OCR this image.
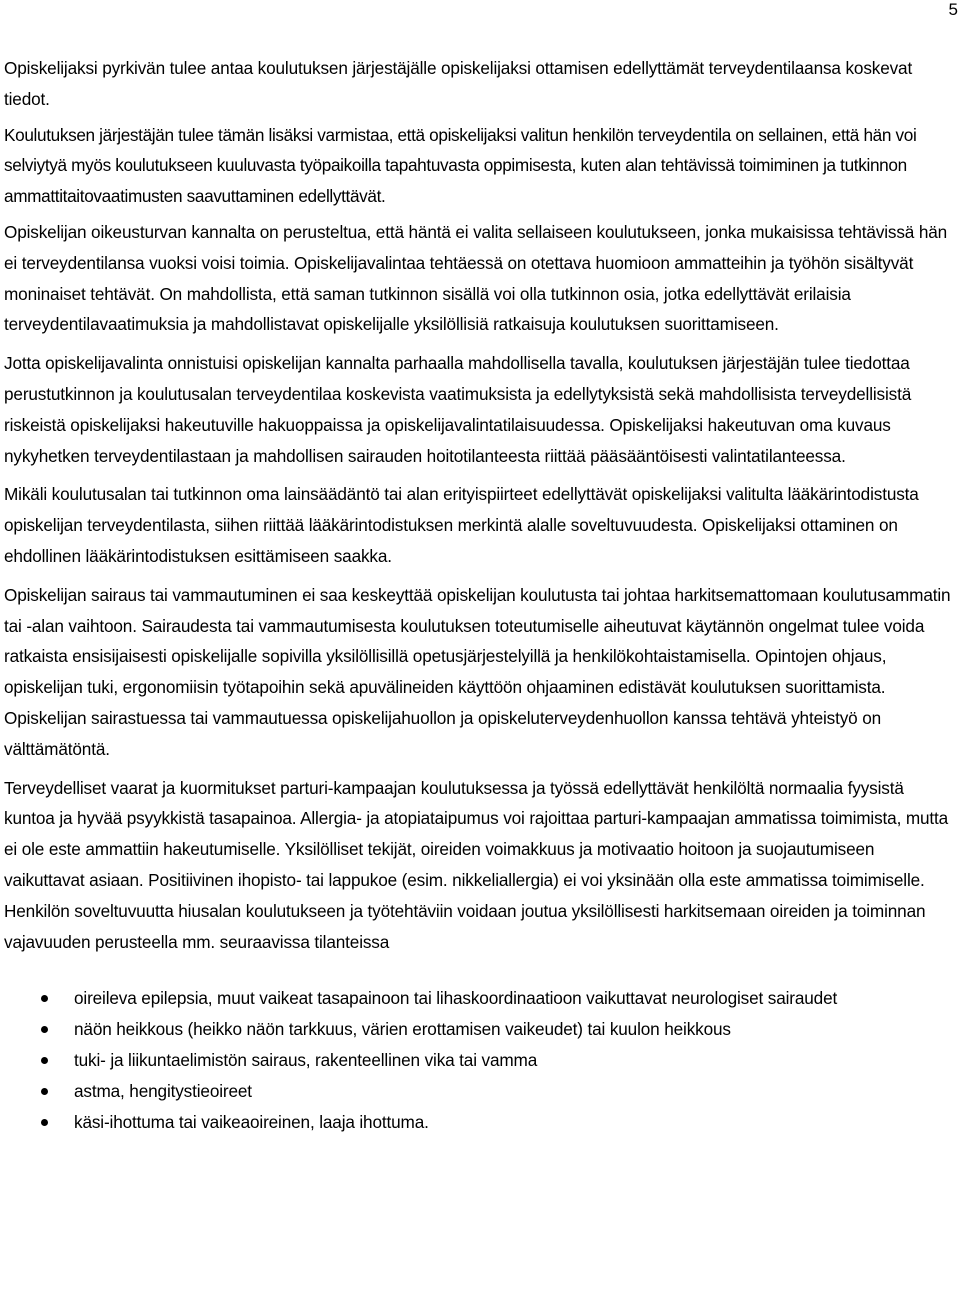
5

Opiskelijaksi pyrkivän tulee antaa koulutuksen järjestäjälle opiskelijaksi ottamisen edellyttämät terveydentilaansa koskevat tiedot.

Koulutuksen järjestäjän tulee tämän lisäksi varmistaa, että opiskelijaksi valitun henkilön terveydentila on sellainen, että hän voi selviytyä myös koulutukseen kuuluvasta työpaikoilla tapahtuvasta oppimisesta, kuten alan tehtävissä toimiminen ja tutkinnon ammattitaitovaatimusten saavuttaminen edellyttävät.

Opiskelijan oikeusturvan kannalta on perusteltua, että häntä ei valita sellaiseen koulutukseen, jonka mukaisissa tehtävissä hän ei terveydentilansa vuoksi voisi toimia. Opiskelijavalintaa tehtäessä on otettava huomioon ammatteihin ja työhön sisältyvät moninaiset tehtävät. On mahdollista, että saman tutkinnon sisällä voi olla tutkinnon osia, jotka edellyttävät erilaisia terveydentilavaatimuksia ja mahdollistavat opiskelijalle yksilöllisiä ratkaisuja koulutuksen suorittamiseen.

Jotta opiskelijavalinta onnistuisi opiskelijan kannalta parhaalla mahdollisella tavalla, koulutuksen järjestäjän tulee tiedottaa perustutkinnon ja koulutusalan terveydentilaa koskevista vaatimuksista ja edellytyksistä sekä mahdollisista terveydellisistä riskeistä opiskelijaksi hakeutuville hakuoppaissa ja opiskelijavalintatilaisuudessa. Opiskelijaksi hakeutuvan oma kuvaus nykyhetken terveydentilastaan ja mahdollisen sairauden hoitotilanteesta riittää pääsääntöisesti valintatilanteessa.

Mikäli koulutusalan tai tutkinnon oma lainsäädäntö tai alan erityispiirteet edellyttävät opiskelijaksi valitulta lääkärintodistusta opiskelijan terveydentilasta, siihen riittää lääkärintodistuksen merkintä alalle soveltuvuudesta. Opiskelijaksi ottaminen on ehdollinen lääkärintodistuksen esittämiseen saakka.

Opiskelijan sairaus tai vammautuminen ei saa keskeyttää opiskelijan koulutusta tai johtaa harkitsemattomaan koulutusammatin tai -alan vaihtoon. Sairaudesta tai vammautumisesta koulutuksen toteutumiselle aiheutuvat käytännön ongelmat tulee voida ratkaista ensisijaisesti opiskelijalle sopivilla yksilöllisillä opetusjärjestelyillä ja henkilökohtaistamisella. Opintojen ohjaus, opiskelijan tuki, ergonomiisin työtapoihin sekä apuvälineiden käyttöön ohjaaminen edistävät koulutuksen suorittamista. Opiskelijan sairastuessa tai vammautuessa opiskelijahuollon ja opiskeluterveydenhuollon kanssa tehtävä yhteistyö on välttämätöntä.

Terveydelliset vaarat ja kuormitukset parturi-kampaajan koulutuksessa ja työssä edellyttävät henkilöltä normaalia fyysistä kuntoa ja hyvää psyykkistä tasapainoa. Allergia- ja atopiataipumus voi rajoittaa parturi-kampaajan ammatissa toimimista, mutta ei ole este ammattiin hakeutumiselle. Yksilölliset tekijät, oireiden voimakkuus ja motivaatio hoitoon ja suojautumiseen vaikuttavat asiaan. Positiivinen ihopisto- tai lappukoe (esim. nikkeliallergia) ei voi yksinään olla este ammatissa toimimiselle. Henkilön soveltuvuutta hiusalan koulutukseen ja työtehtäviin voidaan joutua yksilöllisesti harkitsemaan oireiden ja toiminnan vajavuuden perusteella mm. seuraavissa tilanteissa

oireileva epilepsia, muut vaikeat tasapainoon tai lihaskoordinaatioon vaikuttavat neurologiset sairaudet
näön heikkous (heikko näön tarkkuus, värien erottamisen vaikeudet) tai kuulon heikkous
tuki- ja liikuntaelimistön sairaus, rakenteellinen vika tai vamma
astma, hengitystieoireet
käsi-ihottuma tai vaikeaoireinen, laaja ihottuma.
